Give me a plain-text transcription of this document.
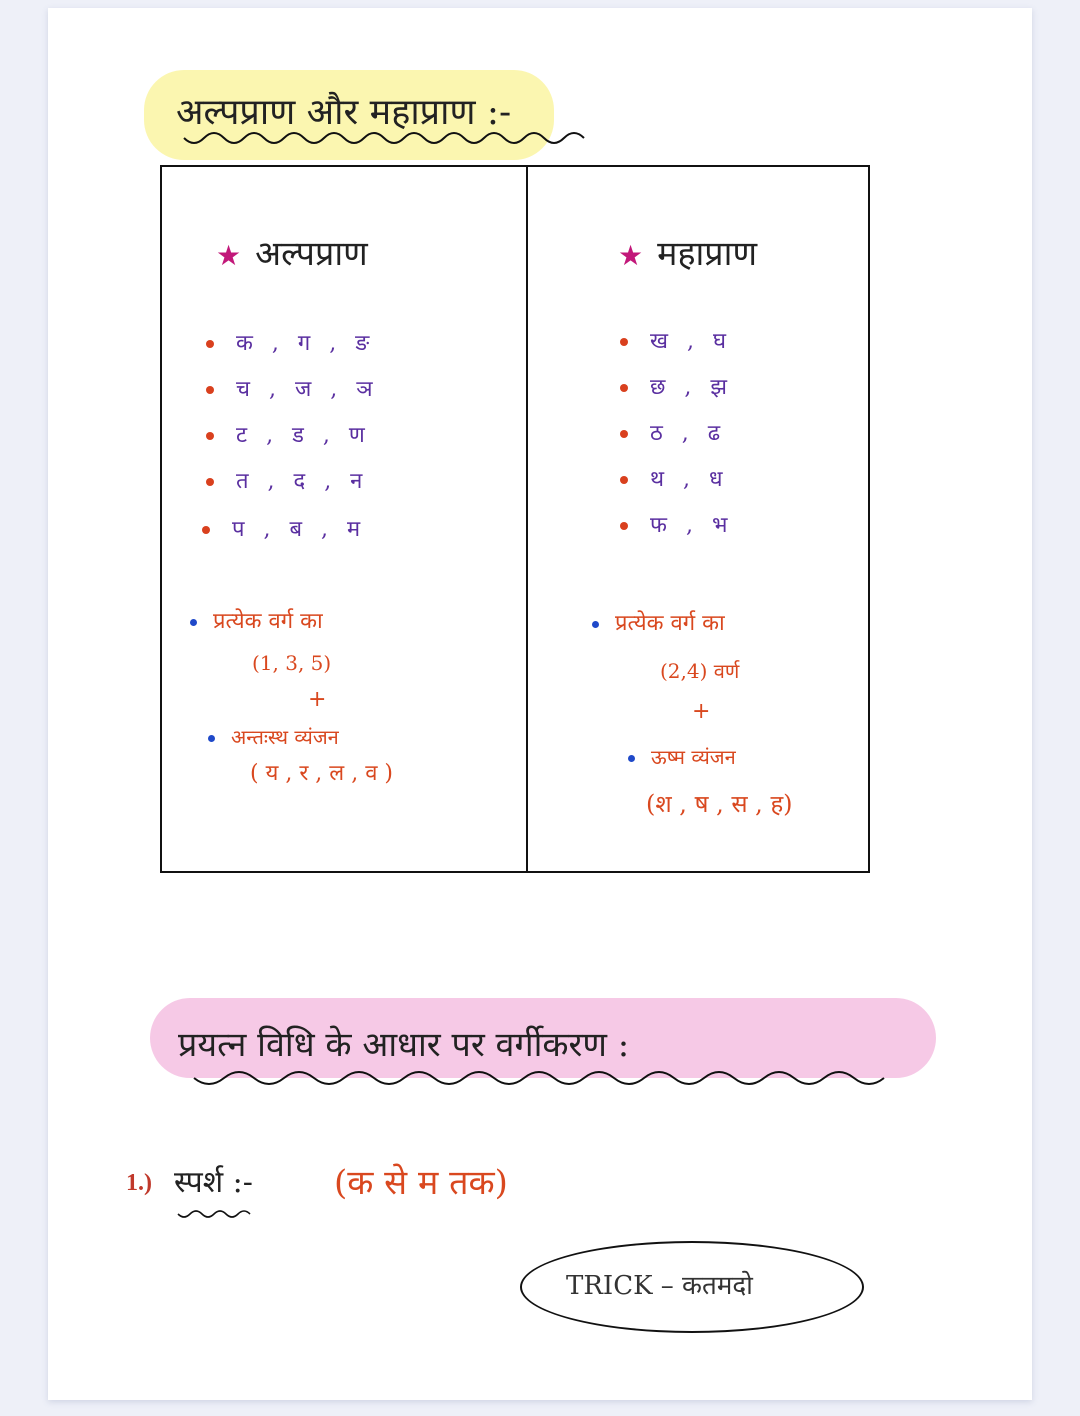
अल्पप्राण और महाप्राण :-
★ अल्पप्राण
क , ग , ङ
च , ज , ञ
ट , ड , ण
त , द , न
प , ब , म
प्रत्येक वर्ग का
(1, 3, 5)
+
अन्तःस्थ व्यंजन
( य , र , ल , व )
★ महाप्राण
ख , घ
छ , झ
ठ , ढ
थ , ध
फ , भ
प्रत्येक वर्ग का
(2,4) वर्ण
+
ऊष्म व्यंजन
(श , ष , स , ह)
प्रयत्न विधि के आधार पर वर्गीकरण :
1.) स्पर्श :- (क से म तक)
TRICK – कतमदो
